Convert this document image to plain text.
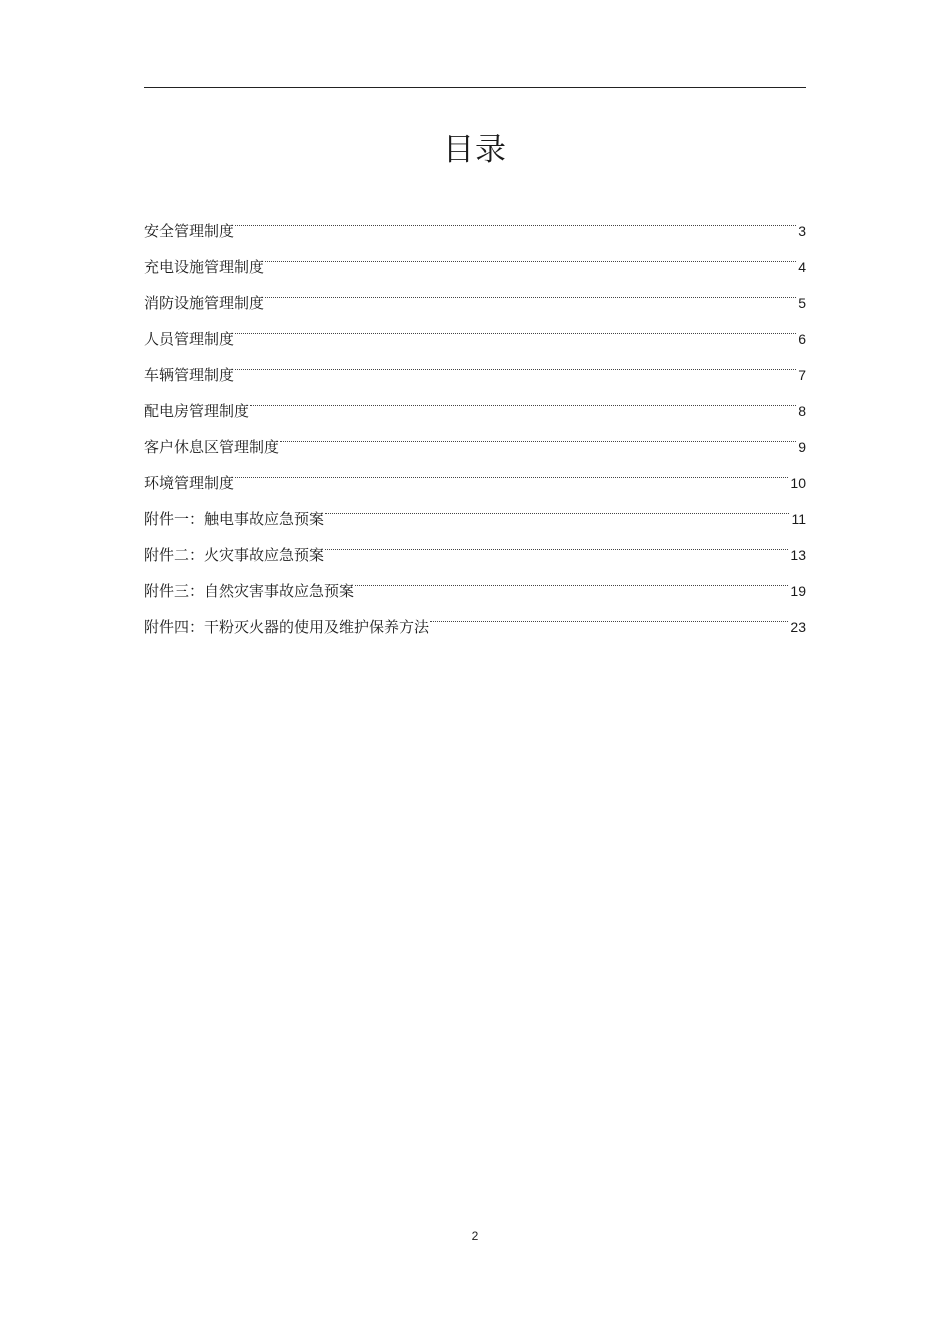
目录
安全管理制度	3
充电设施管理制度	4
消防设施管理制度	5
人员管理制度	6
车辆管理制度	7
配电房管理制度	8
客户休息区管理制度	9
环境管理制度	10
附件一：触电事故应急预案	11
附件二：火灾事故应急预案	13
附件三：自然灾害事故应急预案	19
附件四：干粉灭火器的使用及维护保养方法	23
2
